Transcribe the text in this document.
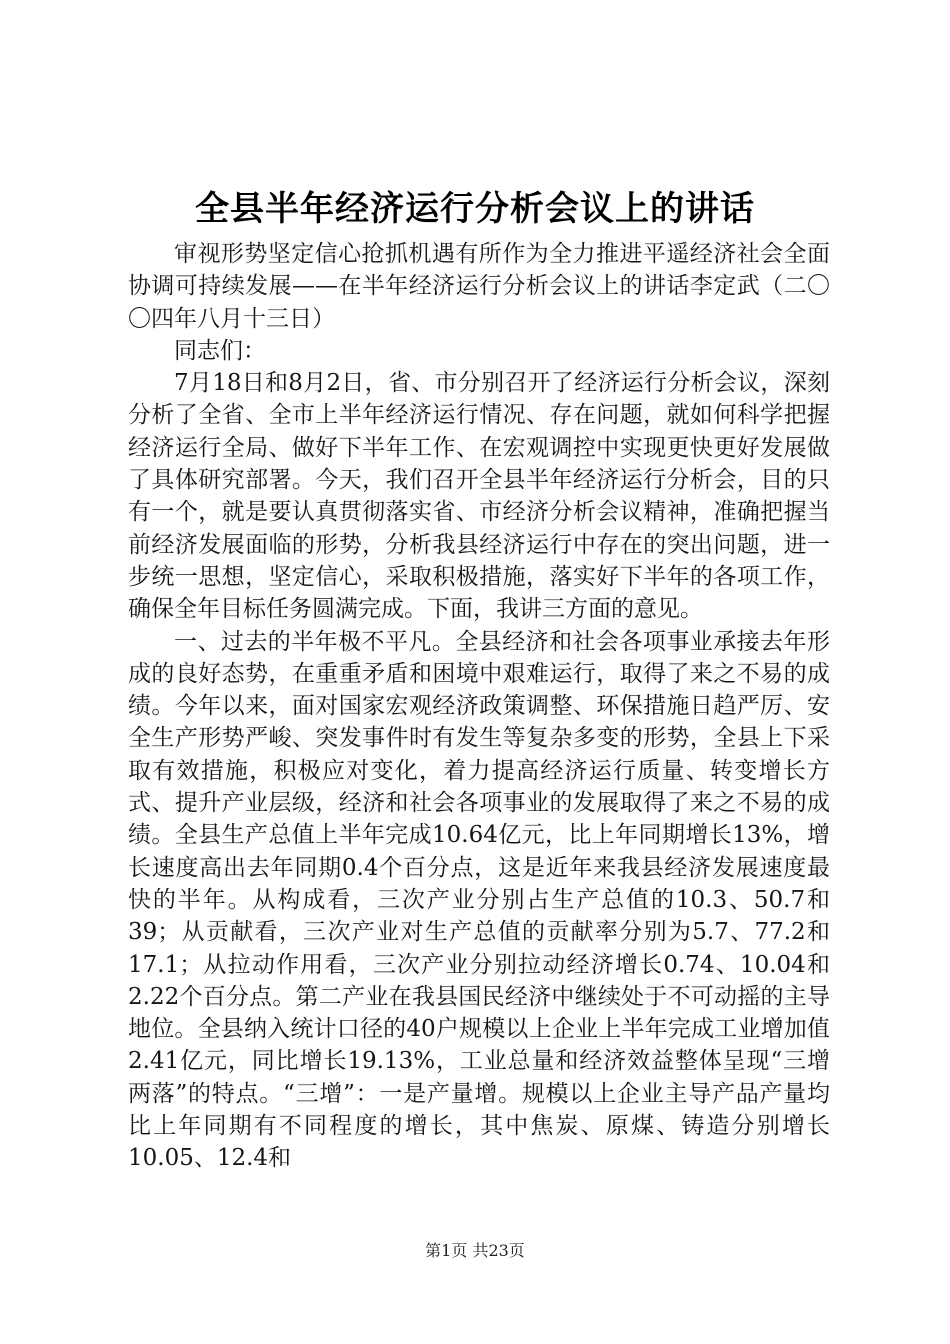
全县半年经济运行分析会议上的讲话

审视形势坚定信心抢抓机遇有所作为全力推进平遥经济社会全面协调可持续发展——在半年经济运行分析会议上的讲话李定武（二〇〇四年八月十三日）

同志们：

7月18日和8月2日，省、市分别召开了经济运行分析会议，深刻分析了全省、全市上半年经济运行情况、存在问题，就如何科学把握经济运行全局、做好下半年工作、在宏观调控中实现更快更好发展做了具体研究部署。今天，我们召开全县半年经济运行分析会，目的只有一个，就是要认真贯彻落实省、市经济分析会议精神，准确把握当前经济发展面临的形势，分析我县经济运行中存在的突出问题，进一步统一思想，坚定信心，采取积极措施，落实好下半年的各项工作，确保全年目标任务圆满完成。下面，我讲三方面的意见。

一、过去的半年极不平凡。全县经济和社会各项事业承接去年形成的良好态势，在重重矛盾和困境中艰难运行，取得了来之不易的成绩。今年以来，面对国家宏观经济政策调整、环保措施日趋严厉、安全生产形势严峻、突发事件时有发生等复杂多变的形势，全县上下采取有效措施，积极应对变化，着力提高经济运行质量、转变增长方式、提升产业层级，经济和社会各项事业的发展取得了来之不易的成绩。全县生产总值上半年完成10.64亿元，比上年同期增长13%，增长速度高出去年同期0.4个百分点，这是近年来我县经济发展速度最快的半年。从构成看，三次产业分别占生产总值的10.3、50.7和39；从贡献看，三次产业对生产总值的贡献率分别为5.7、77.2和17.1；从拉动作用看，三次产业分别拉动经济增长0.74、10.04和2.22个百分点。第二产业在我县国民经济中继续处于不可动摇的主导地位。全县纳入统计口径的40户规模以上企业上半年完成工业增加值2.41亿元，同比增长19.13%，工业总量和经济效益整体呈现“三增两落”的特点。“三增”：一是产量增。规模以上企业主导产品产量均比上年同期有不同程度的增长，其中焦炭、原煤、铸造分别增长10.05、12.4和

第1页 共23页
